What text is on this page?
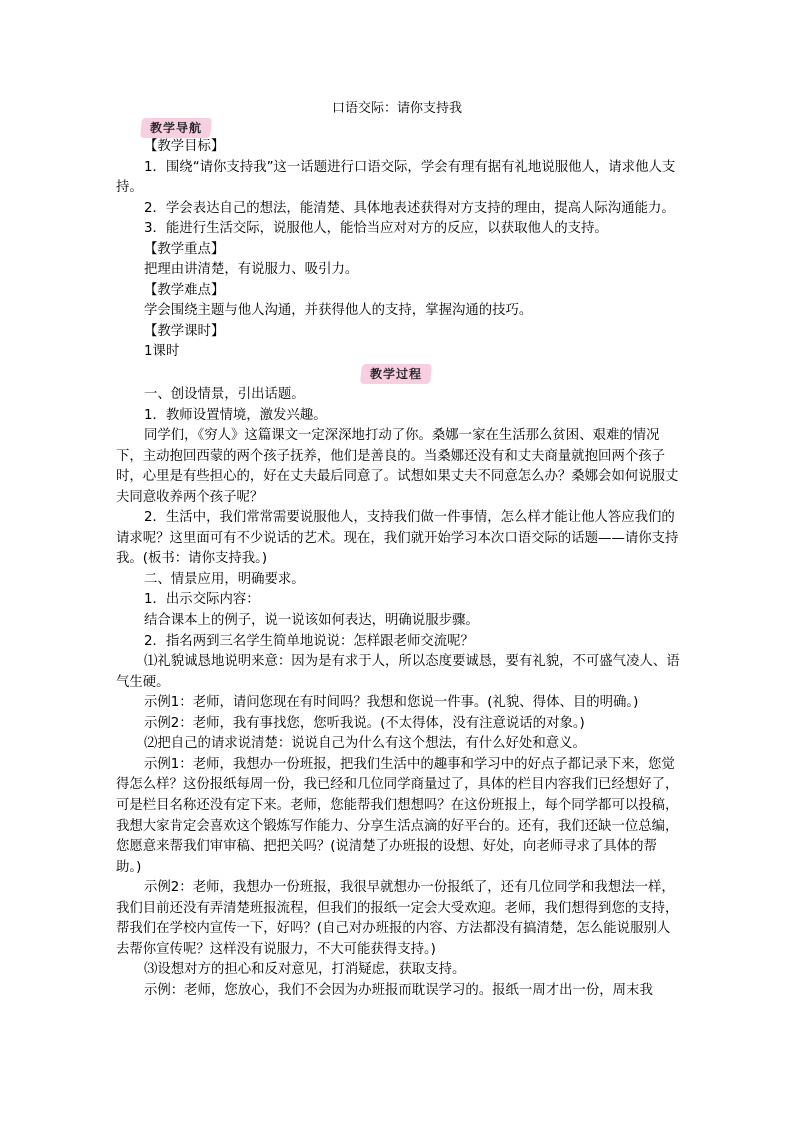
口语交际：请你支持我
教学导航

【教学目标】

1．围绕“请你支持我”这一话题进行口语交际，学会有理有据有礼地说服他人，请求他人支持。

2．学会表达自己的想法，能清楚、具体地表述获得对方支持的理由，提高人际沟通能力。

3．能进行生活交际，说服他人，能恰当应对对方的反应，以获取他人的支持。

【教学重点】

把理由讲清楚，有说服力、吸引力。

【教学难点】

学会围绕主题与他人沟通，并获得他人的支持，掌握沟通的技巧。

【教学课时】

1课时

教学过程

一、创设情景，引出话题。

1．教师设置情境，激发兴趣。

同学们，《穷人》这篇课文一定深深地打动了你。桑娜一家在生活那么贫困、艰难的情况下，主动抱回西蒙的两个孩子抚养，他们是善良的。当桑娜还没有和丈夫商量就抱回两个孩子时，心里是有些担心的，好在丈夫最后同意了。试想如果丈夫不同意怎么办？桑娜会如何说服丈夫同意收养两个孩子呢？

2．生活中，我们常常需要说服他人，支持我们做一件事情，怎么样才能让他人答应我们的请求呢？这里面可有不少说话的艺术。现在，我们就开始学习本次口语交际的话题——请你支持我。(板书：请你支持我。)

二、情景应用，明确要求。

1．出示交际内容：

结合课本上的例子，说一说该如何表达，明确说服步骤。

2．指名两到三名学生简单地说说：怎样跟老师交流呢？

⑴礼貌诚恳地说明来意：因为是有求于人，所以态度要诚恳，要有礼貌，不可盛气凌人、语气生硬。

示例1：老师，请问您现在有时间吗？我想和您说一件事。(礼貌、得体、目的明确。)

示例2：老师，我有事找您，您听我说。(不太得体，没有注意说话的对象。)

⑵把自己的请求说清楚：说说自己为什么有这个想法，有什么好处和意义。

示例1：老师，我想办一份班报，把我们生活中的趣事和学习中的好点子都记录下来，您觉得怎么样？这份报纸每周一份，我已经和几位同学商量过了，具体的栏目内容我们已经想好了，可是栏目名称还没有定下来。老师，您能帮我们想想吗？在这份班报上，每个同学都可以投稿，我想大家肯定会喜欢这个锻炼写作能力、分享生活点滴的好平台的。还有，我们还缺一位总编，您愿意来帮我们审审稿、把把关吗？(说清楚了办班报的设想、好处，向老师寻求了具体的帮助。)

示例2：老师，我想办一份班报，我很早就想办一份报纸了，还有几位同学和我想法一样，我们目前还没有弄清楚班报流程，但我们的报纸一定会大受欢迎。老师，我们想得到您的支持，帮我们在学校内宣传一下，好吗？(自己对办班报的内容、方法都没有搞清楚，怎么能说服别人去帮你宣传呢？这样没有说服力，不大可能获得支持。)

⑶设想对方的担心和反对意见，打消疑虑，获取支持。

示例：老师，您放心，我们不会因为办班报而耽误学习的。报纸一周才出一份，周末我
